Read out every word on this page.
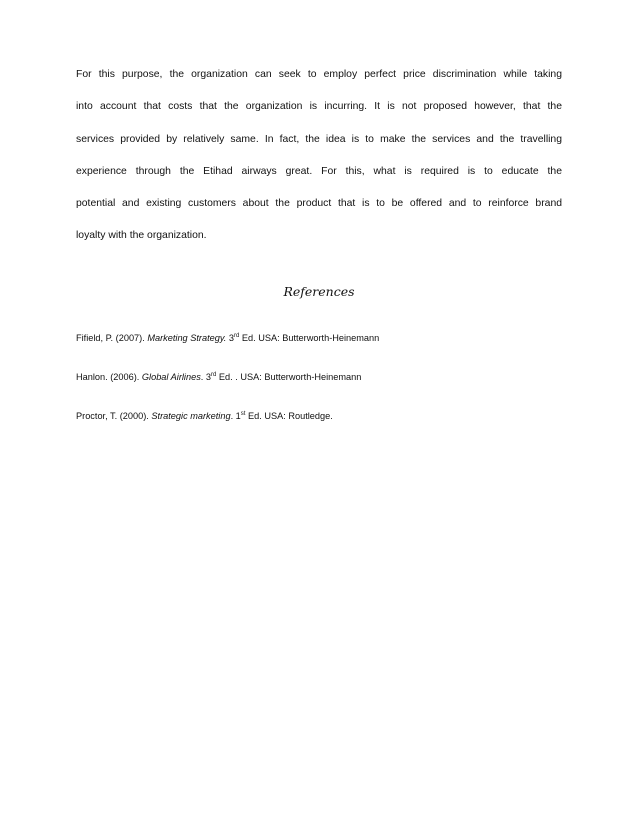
For this purpose, the organization can seek to employ perfect price discrimination while taking
into account that costs that the organization is incurring. It is not proposed however, that the
services provided by relatively same. In fact, the idea is to make the services and the travelling
experience through the Etihad airways great. For this, what is required is to educate the
potential and existing customers about the product that is to be offered and to reinforce brand
loyalty with the organization.
References
Fifield, P. (2007). Marketing Strategy. 3rd Ed. USA: Butterworth-Heinemann
Hanlon. (2006). Global Airlines. 3rd Ed. . USA: Butterworth-Heinemann
Proctor, T. (2000). Strategic marketing. 1st Ed. USA: Routledge.
